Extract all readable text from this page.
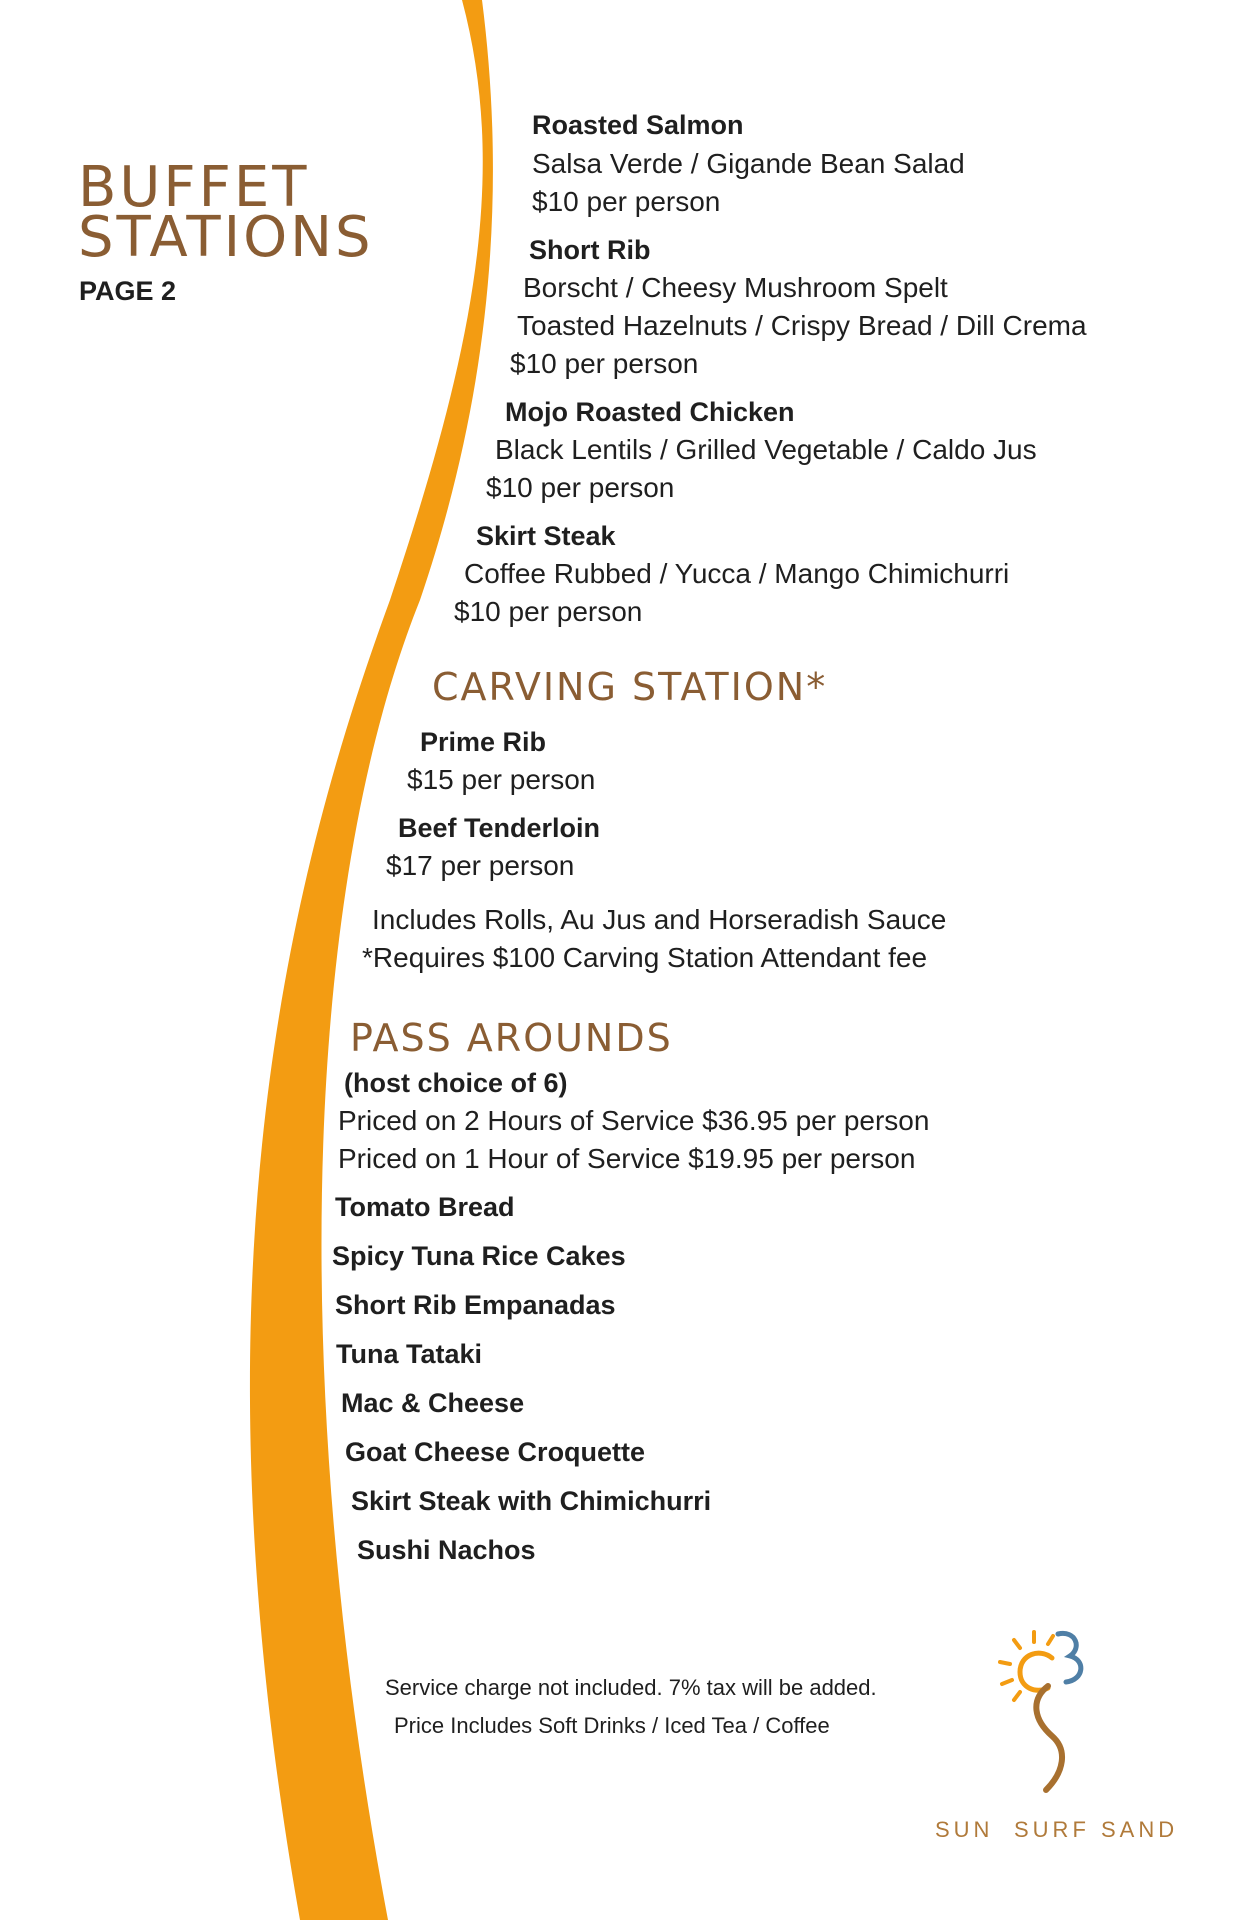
BUFFET
STATIONS
PAGE 2
Roasted Salmon
Salsa Verde / Gigande Bean Salad
$10 per person
Short Rib
Borscht / Cheesy Mushroom Spelt
Toasted Hazelnuts / Crispy Bread / Dill Crema
$10 per person
Mojo Roasted Chicken
Black Lentils / Grilled Vegetable / Caldo Jus
$10 per person
Skirt Steak
Coffee Rubbed / Yucca / Mango Chimichurri
$10 per person
CARVING STATION*
Prime Rib
$15 per person
Beef Tenderloin
$17 per person
Includes Rolls, Au Jus and Horseradish Sauce
*Requires $100 Carving Station Attendant fee
PASS AROUNDS
(host choice of 6)
Priced on 2 Hours of Service $36.95 per person
Priced on 1 Hour of Service $19.95 per person
Tomato Bread
Spicy Tuna Rice Cakes
Short Rib Empanadas
Tuna Tataki
Mac & Cheese
Goat Cheese Croquette
Skirt Steak with Chimichurri
Sushi Nachos
Service charge not included. 7% tax will be added.
Price Includes Soft Drinks / Iced Tea / Coffee
SUN SURF SAND
